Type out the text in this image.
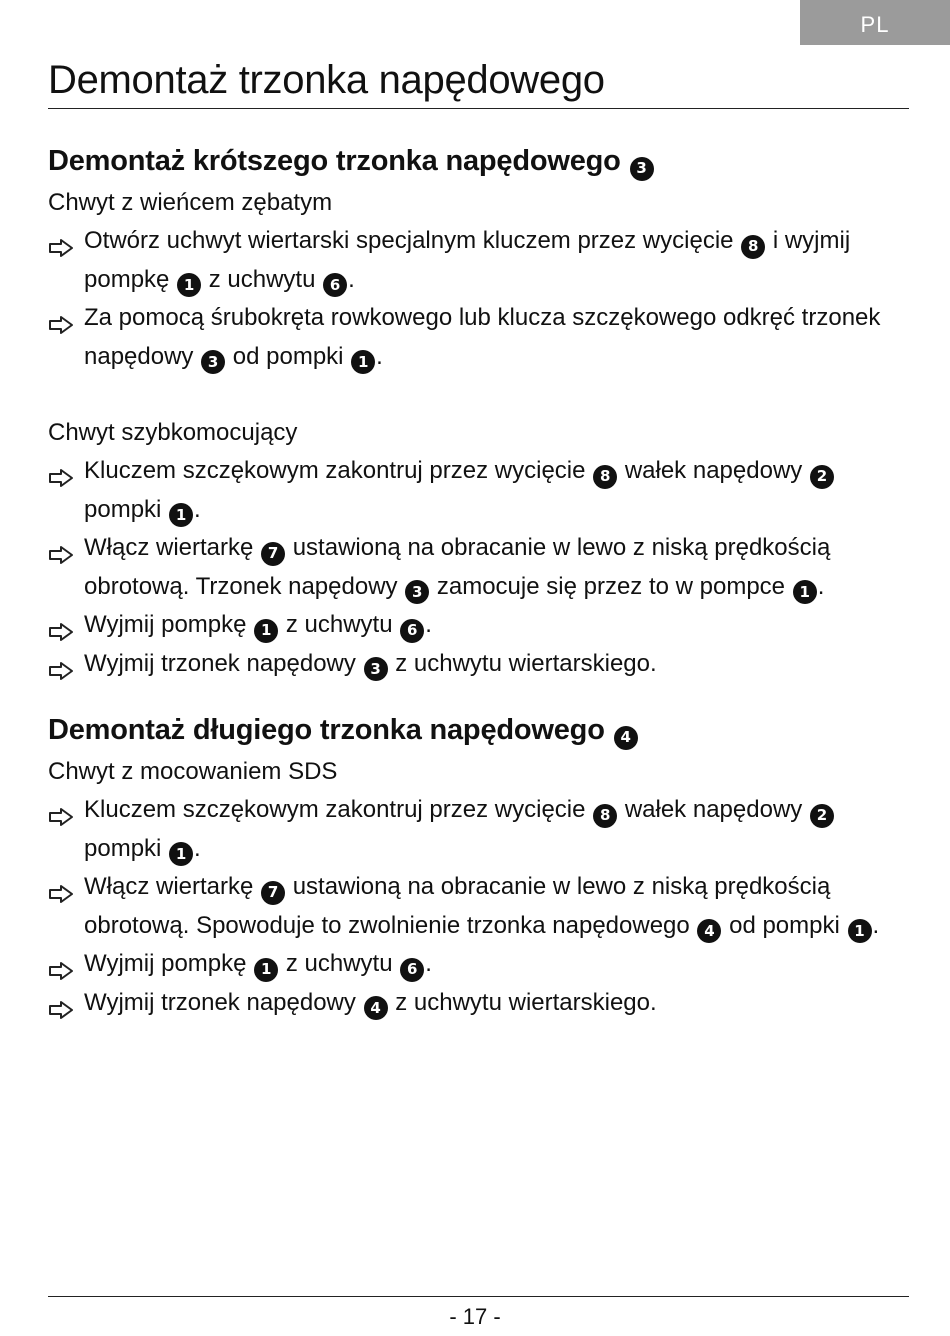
PL
Demontaż trzonka napędowego
Demontaż krótszego trzonka napędowego 3
Chwyt z wieńcem zębatym
Otwórz uchwyt wiertarski specjalnym kluczem przez wycięcie 8 i wyjmij pompkę 1 z uchwytu 6 .
Za pomocą śrubokręta rowkowego lub klucza szczękowego odkręć trzonek napędowy 3 od pompki 1 .
Chwyt szybkomocujący
Kluczem szczękowym zakontruj przez wycięcie 8 wałek napędowy 2 pompki 1 .
Włącz wiertarkę 7 ustawioną na obracanie w lewo z niską prędkością obrotową. Trzonek napędowy 3 zamocuje się przez to w pompce 1 .
Wyjmij pompkę 1 z uchwytu 6 .
Wyjmij trzonek napędowy 3 z uchwytu wiertarskiego.
Demontaż długiego trzonka napędowego 4
Chwyt z mocowaniem SDS
Kluczem szczękowym zakontruj przez wycięcie 8 wałek napędowy 2 pompki 1 .
Włącz wiertarkę 7 ustawioną na obracanie w lewo z niską prędkością obrotową. Spowoduje to zwolnienie trzonka napędowego 4 od pompki 1 .
Wyjmij pompkę 1 z uchwytu 6 .
Wyjmij trzonek napędowy 4 z uchwytu wiertarskiego.
- 17 -
